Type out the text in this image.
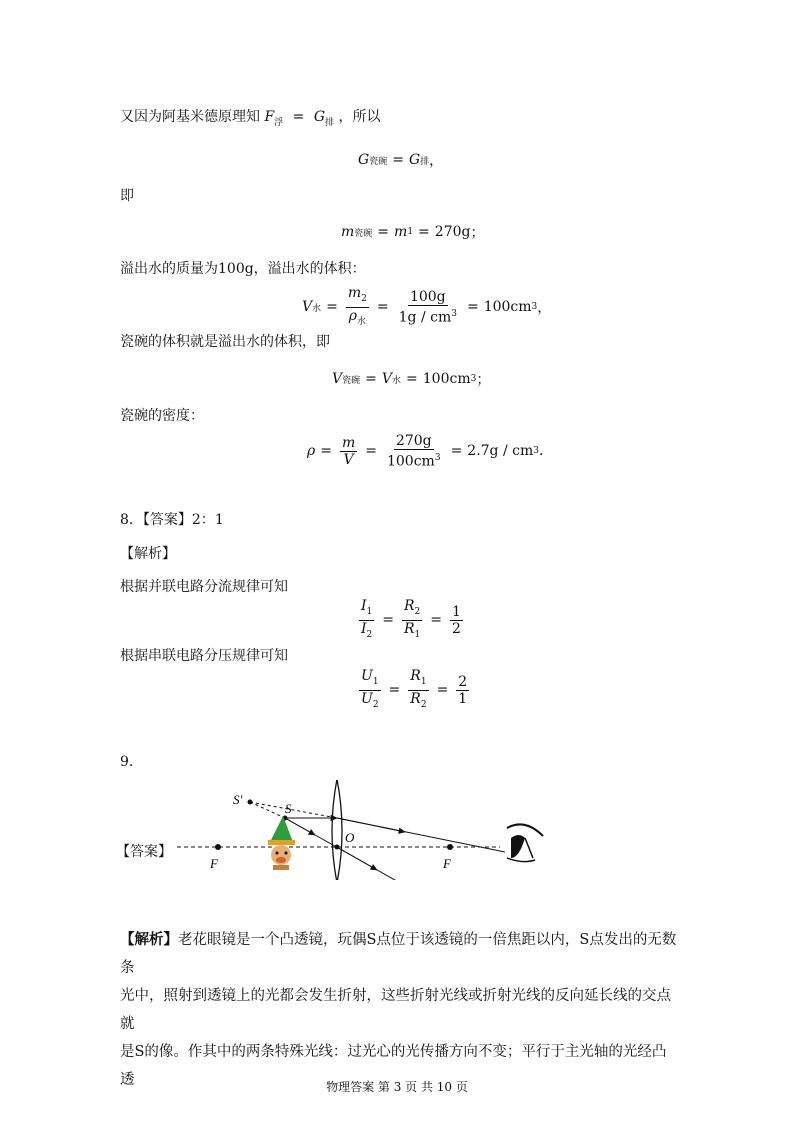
又因为阿基米德原理知 $F_浮 = G_排$ ，所以
G 瓷碗 = G 排 ，
即
m 瓷碗 = m 1 = 270g ；
溢出水的质量为100g，溢出水的体积：
V 水 = $\frac{m_2}{\rho_水} = \frac{100g}{1g / cm^3} = 100cm$ 3 ，
瓷碗的体积就是溢出水的体积，即
V 瓷碗 = V 水 = 100cm 3 ；
瓷碗的密度：
$\rho = \frac{m}{V} = \frac{270g}{100cm^3} = 2.7g$ / cm 3 .
8．【答案】2：1
【解析】
根据并联电路分流规律可知
$\frac{I_1}{I_2} = \frac{R_2}{R_1} = \frac{1}{2}$
根据串联电路分压规律可知
$\frac{U_1}{U_2} = \frac{R_1}{R_2} = \frac{2}{1}$
9.
【答案】
S′
S
O
F	F
【解析】老花眼镜是一个凸透镜，玩偶S点位于该透镜的一倍焦距以内，S点发出的无数条
光中，照射到透镜上的光都会发生折射，这些折射光线或折射光线的反向延长线的交点就
是S的像。作其中的两条特殊光线：过光心的光传播方向不变；平行于主光轴的光经凸透	物理答案 第 3 页 共 10 页
